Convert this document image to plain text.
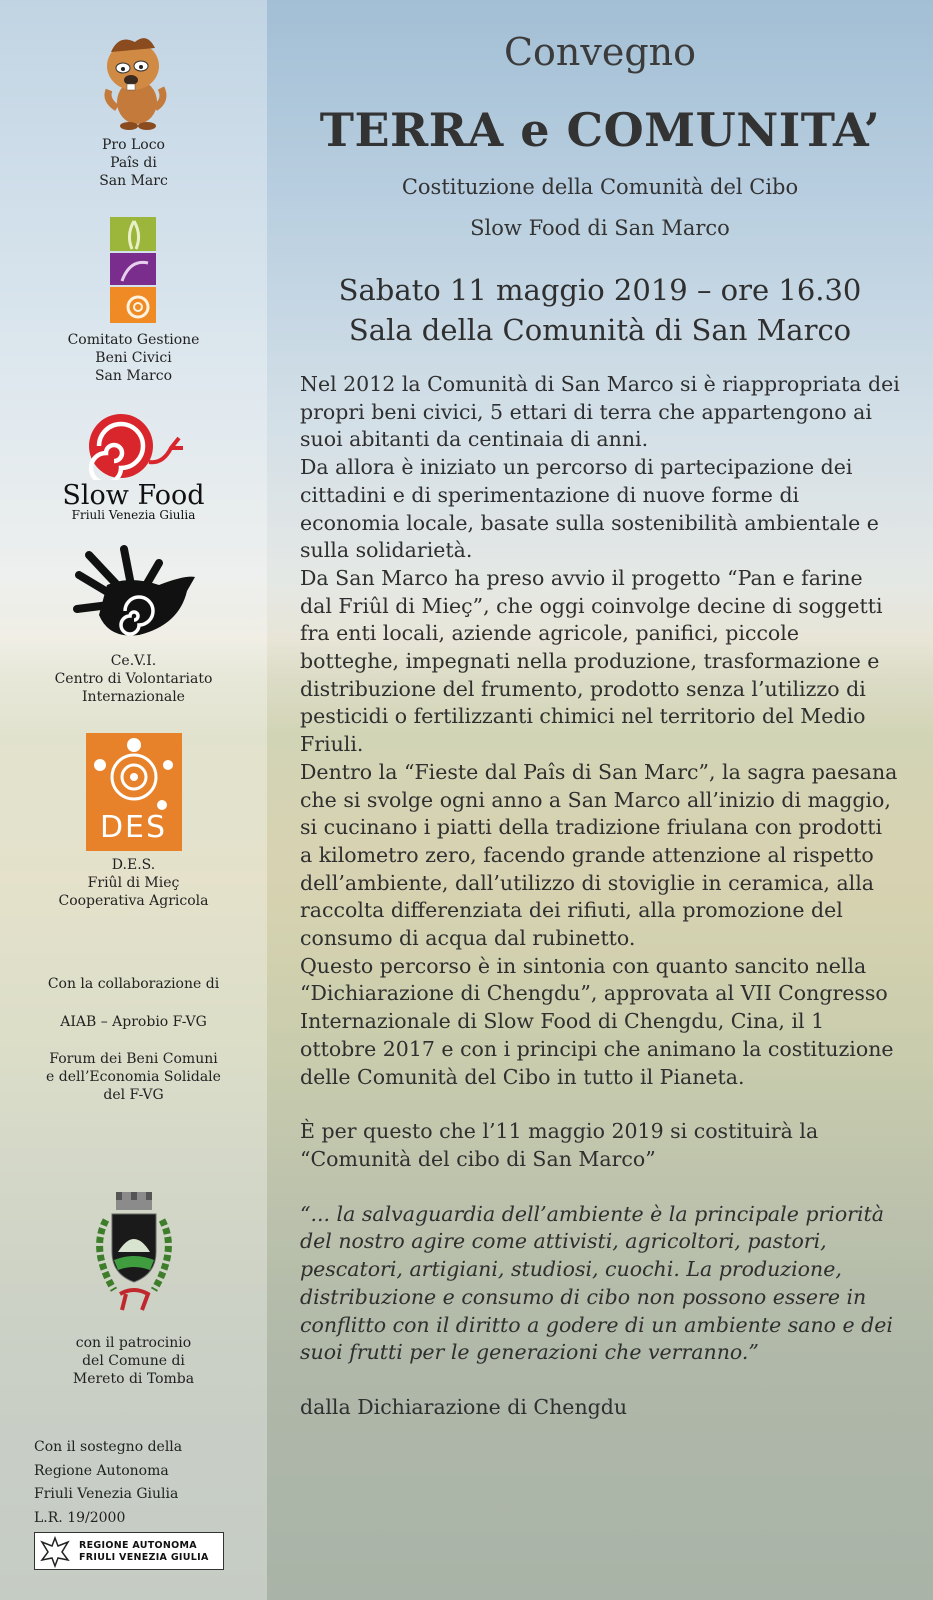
Pro Loco
Paîs di
San Marc
Comitato Gestione
Beni Civici
San Marco
Slow Food
Friuli Venezia Giulia
Ce.V.I.
Centro di Volontariato
Internazionale
DES
D.E.S.
Friûl di Mieç
Cooperativa Agricola
Con la collaborazione di
AIAB – Aprobio F-VG
Forum dei Beni Comuni
e dell’Economia Solidale
del F-VG
con il patrocinio
del Comune di
Mereto di Tomba
Con il sostegno della
Regione Autonoma
Friuli Venezia Giulia
L.R. 19/2000
REGIONE AUTONOMA
FRIULI VENEZIA GIULIA
Convegno
TERRA e COMUNITA’
Costituzione della Comunità del Cibo
Slow Food di San Marco
Sabato 11 maggio 2019 – ore 16.30
Sala della Comunità di San Marco

Nel 2012 la Comunità di San Marco si è riappropriata dei propri beni civici, 5 ettari di terra che appartengono ai suoi abitanti da centinaia di anni.

Da allora è iniziato un percorso di partecipazione dei cittadini e di sperimentazione di nuove forme di economia locale, basate sulla sostenibilità ambientale e sulla solidarietà.

Da San Marco ha preso avvio il progetto “Pan e farine dal Friûl di Mieç”, che oggi coinvolge decine di soggetti fra enti locali, aziende agricole, panifici, piccole botteghe, impegnati nella produzione, trasformazione e distribuzione del frumento, prodotto senza l’utilizzo di pesticidi o fertilizzanti chimici nel territorio del Medio Friuli.

Dentro la “Fieste dal Paîs di San Marc”, la sagra paesana che si svolge ogni anno a San Marco all’inizio di maggio, si cucinano i piatti della tradizione friulana con prodotti a kilometro zero, facendo grande attenzione al rispetto dell’ambiente, dall’utilizzo di stoviglie in ceramica, alla raccolta differenziata dei rifiuti, alla promozione del consumo di acqua dal rubinetto.

Questo percorso è in sintonia con quanto sancito nella “Dichiarazione di Chengdu”, approvata al VII Congresso Internazionale di Slow Food di Chengdu, Cina, il 1 ottobre 2017 e con i principi che animano la costituzione delle Comunità del Cibo in tutto il Pianeta.

È per questo che l’11 maggio 2019 si costituirà la “Comunità del cibo di San Marco”

“... la salvaguardia dell’ambiente è la principale priorità del nostro agire come attivisti, agricoltori, pastori, pescatori, artigiani, studiosi, cuochi. La produzione, distribuzione e consumo di cibo non possono essere in conflitto con il diritto a godere di un ambiente sano e dei suoi frutti per le generazioni che verranno.”

dalla Dichiarazione di Chengdu
